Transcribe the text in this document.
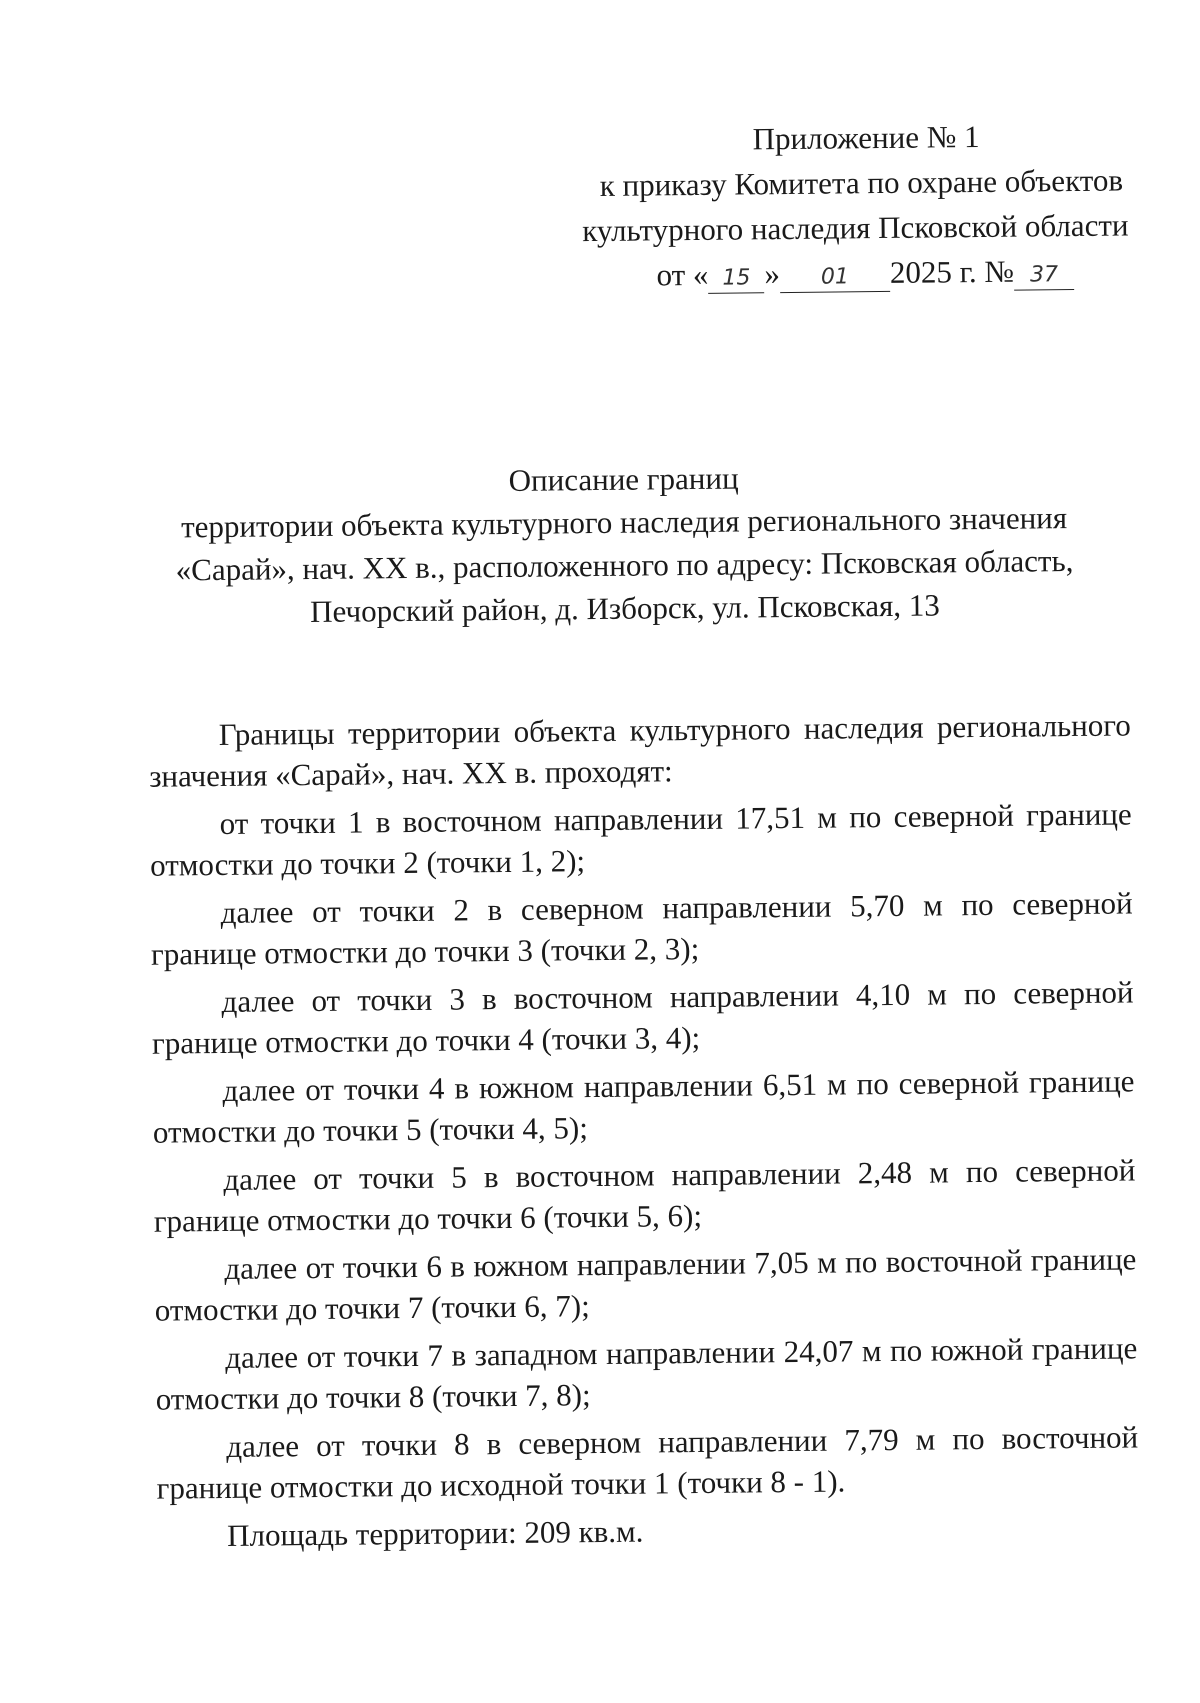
Приложение № 1
к приказу Комитета по охране объектов
культурного наследия Псковской области
от « 15 » 01 2025 г. № 37
Описание границ
территории объекта культурного наследия регионального значения
«Сарай», нач. XX в., расположенного по адресу: Псковская область,
Печорский район, д. Изборск, ул. Псковская, 13

Границы территории объекта культурного наследия регионального значения «Сарай», нач. XX в. проходят:

от точки 1 в восточном направлении 17,51 м по северной границе отмостки до точки 2 (точки 1, 2);

далее от точки 2 в северном направлении 5,70 м по северной границе отмостки до точки 3 (точки 2, 3);

далее от точки 3 в восточном направлении 4,10 м по северной границе отмостки до точки 4 (точки 3, 4);

далее от точки 4 в южном направлении 6,51 м по северной границе отмостки до точки 5 (точки 4, 5);

далее от точки 5 в восточном направлении 2,48 м по северной границе отмостки до точки 6 (точки 5, 6);

далее от точки 6 в южном направлении 7,05 м по восточной границе отмостки до точки 7 (точки 6, 7);

далее от точки 7 в западном направлении 24,07 м по южной границе отмостки до точки 8 (точки 7, 8);

далее от точки 8 в северном направлении 7,79 м по восточной границе отмостки до исходной точки 1 (точки 8 - 1).

Площадь территории: 209 кв.м.
